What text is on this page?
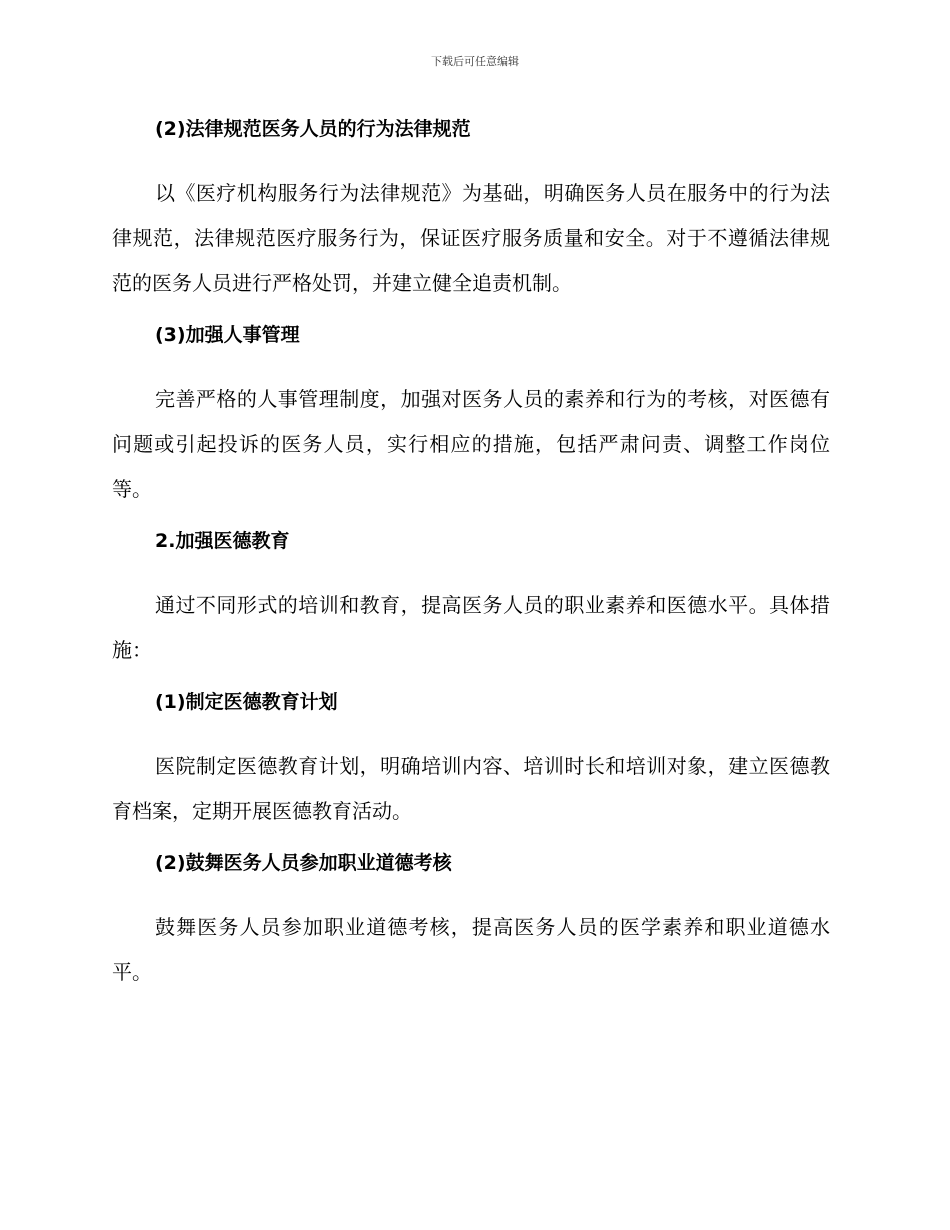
下载后可任意编辑
(2)法律规范医务人员的行为法律规范

以《医疗机构服务行为法律规范》为基础，明确医务人员在服务中的行为法律规范，法律规范医疗服务行为，保证医疗服务质量和安全。对于不遵循法律规范的医务人员进行严格处罚，并建立健全追责机制。

(3)加强人事管理

完善严格的人事管理制度，加强对医务人员的素养和行为的考核，对医德有问题或引起投诉的医务人员，实行相应的措施，包括严肃问责、调整工作岗位等。

2.加强医德教育

通过不同形式的培训和教育，提高医务人员的职业素养和医德水平。具体措施：

(1)制定医德教育计划

医院制定医德教育计划，明确培训内容、培训时长和培训对象，建立医德教育档案，定期开展医德教育活动。

(2)鼓舞医务人员参加职业道德考核

鼓舞医务人员参加职业道德考核，提高医务人员的医学素养和职业道德水平。
